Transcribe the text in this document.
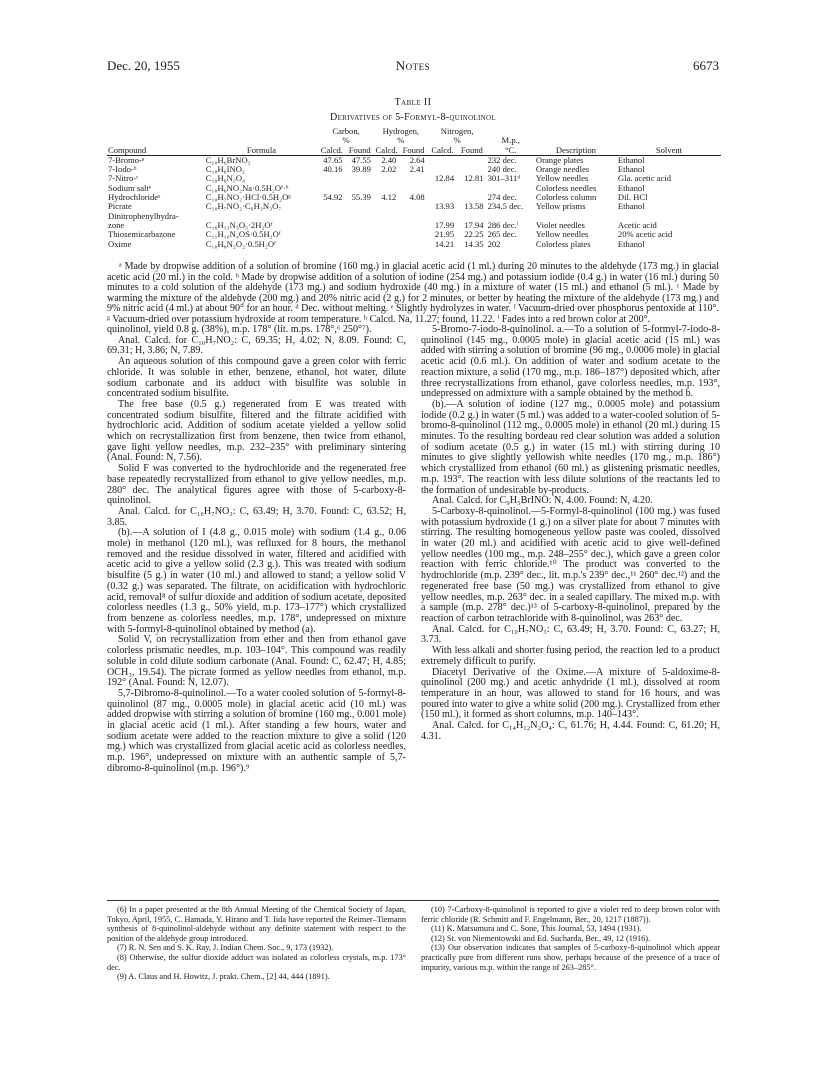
Dec. 20, 1955	Notes	6673
Table II
Derivatives of 5-Formyl-8-quinolinol
		Carbon,		Hydrogen,		Nitrogen,				
		%		%		%		M.p.,		
Compound	Formula	Calcd.	Found	Calcd.	Found	Calcd.	Found	°C.	Description	Solvent
7-Bromo-ᵃ	C₁₀H₆BrNO₂	47.65	47.55	2.40	2.64			232 dec.	Orange plates	Ethanol
7-Iodo-ᵇ	C₁₀H₆INO₂	40.16	39.89	2.02	2.41			240 dec.	Orange needles	Ethanol
7-Nitro-ᶜ	C₁₀H₆N₂O₄					12.84	12.81	301–311ᵈ	Yellow needles	Gla. acetic acid
Sodium saltᵉ	C₁₀H₆NO₂Na·0.5H₂Oᶠ·ʰ								Colorless needles	Ethanol
Hydrochlorideᵉ	C₁₀H₇NO₂·HCl·0.5H₂Oᵍ	54.92	55.39	4.12	4.08			274 dec.	Colorless column	Dil. HCl
Picrate	C₁₀H₇NO₂·C₆H₃N₃O₇					13.93	13.58	234.5 dec.	Yellow prisms	Ethanol
Dinitrophenylhydra-										
zone	C₁₆H₁₁N₅O₅·2H₂Oᶠ					17.99	17.94	286 dec.ⁱ	Violet needles	Acetic acid
Thiosemicarbazone	C₁₁H₁₀N₄OS·0.5H₂Oᶠ					21.95	22.25	265 dec.	Yellow needles	20% acetic acid
Oxime	C₁₀H₈N₂O₂·0.5H₂Oᶠ					14.21	14.35	202	Colorless plates	Ethanol
ᵃ Made by dropwise addition of a solution of bromine (160 mg.) in glacial acetic acid (1 ml.) during 20 minutes to the aldehyde (173 mg.) in glacial acetic acid (20 ml.) in the cold. ᵇ Made by dropwise addition of a solution of iodine (254 mg.) and potassium iodide (0.4 g.) in water (16 ml.) during 50 minutes to a cold solution of the aldehyde (173 mg.) and sodium hydroxide (40 mg.) in a mixture of water (15 ml.) and ethanol (5 ml.). ᶜ Made by warming the mixture of the aldehyde (200 mg.) and 20% nitric acid (2 g.) for 2 minutes, or better by heating the mixture of the aldehyde (173 mg.) and 9% nitric acid (4 ml.) at about 90° for an hour. ᵈ Dec. without melting. ᵉ Slightly hydrolyzes in water. ᶠ Vacuum-dried over phosphorus pentoxide at 110°. ᵍ Vacuum-dried over potassium hydroxide at room temperature. ʰ Calcd. Na, 11.27; found, 11.22. ⁱ Fades into a red brown color at 200°.

quinolinol, yield 0.8 g. (38%), m.p. 178° (lit. m.ps. 178°,⁶ 250°⁷).

Anal. Calcd. for C₁₀H₇NO₂: C, 69.35; H, 4.02; N, 8.09. Found: C, 69.31; H, 3.86; N, 7.89.

An aqueous solution of this compound gave a green color with ferric chloride. It was soluble in ether, benzene, ethanol, hot water, dilute sodium carbonate and its adduct with bisulfite was soluble in concentrated sodium bisulfite.

The free base (0.5 g.) regenerated from E was treated with concentrated sodium bisulfite, filtered and the filtrate acidified with hydrochloric acid. Addition of sodium acetate yielded a yellow solid which on recrystallization first from benzene, then twice from ethanol, gave light yellow needles, m.p. 232–235° with preliminary sintering (Anal. Found: N, 7.56).

Solid F was converted to the hydrochloride and the regenerated free base repeatedly recrystallized from ethanol to give yellow needles, m.p. 280° dec. The analytical figures agree with those of 5-carboxy-8-quinolinol.

Anal. Calcd. for C₁₀H₇NO₃: C, 63.49; H, 3.70. Found: C, 63.52; H, 3.85.

(b).—A solution of I (4.8 g., 0.015 mole) with sodium (1.4 g., 0.06 mole) in methanol (120 ml.), was refluxed for 8 hours, the methanol removed and the residue dissolved in water, filtered and acidified with acetic acid to give a yellow solid (2.3 g.). This was treated with sodium bisulfite (5 g.) in water (10 ml.) and allowed to stand; a yellow solid V (0.32 g.) was separated. The filtrate, on acidification with hydrochloric acid, removal⁸ of sulfur dioxide and addition of sodium acetate, deposited colorless needles (1.3 g., 50% yield, m.p. 173–177°) which crystallized from benzene as colorless needles, m.p. 178°, undepressed on mixture with 5-formyl-8-quinolinol obtained by method (a).

Solid V, on recrystallization from ether and then from ethanol gave colorless prismatic needles, m.p. 103–104°. This compound was readily soluble in cold dilute sodium carbonate (Anal. Found: C, 62.47; H, 4.85; OCH₃, 19.54). The picrate formed as yellow needles from ethanol, m.p. 192° (Anal. Found: N, 12.07).

5,7-Dibromo-8-quinolinol.—To a water cooled solution of 5-formyl-8-quinolinol (87 mg., 0.0005 mole) in glacial acetic acid (10 ml.) was added dropwise with stirring a solution of bromine (160 mg., 0.001 mole) in glacial acetic acid (1 ml.). After standing a few hours, water and sodium acetate were added to the reaction mixture to give a solid (120 mg.) which was crystallized from glacial acetic acid as colorless needles, m.p. 196°, undepressed on mixture with an authentic sample of 5,7-dibromo-8-quinolinol (m.p. 196°).⁹

5-Bromo-7-iodo-8-quinolinol. a.—To a solution of 5-formyl-7-iodo-8-quinolinol (145 mg., 0.0005 mole) in glacial acetic acid (15 ml.) was added with stirring a solution of bromine (96 mg., 0.0006 mole) in glacial acetic acid (0.6 ml.). On addition of water and sodium acetate to the reaction mixture, a solid (170 mg., m.p. 186–187°) deposited which, after three recrystallizations from ethanol, gave colorless needles, m.p. 193°, undepressed on admixture with a sample obtained by the method b.

(b).—A solution of iodine (127 mg., 0.0005 mole) and potassium iodide (0.2 g.) in water (5 ml.) was added to a water-cooled solution of 5-bromo-8-quinolinol (112 mg., 0.0005 mole) in ethanol (20 ml.) during 15 minutes. To the resulting bordeau red clear solution was added a solution of sodium acetate (0.5 g.) in water (15 ml.) with stirring during 10 minutes to give slightly yellowish white needles (170 mg., m.p. 186°) which crystallized from ethanol (60 ml.) as glistening prismatic needles, m.p. 193°. The reaction with less dilute solutions of the reactants led to the formation of undesirable by-products.

Anal. Calcd. for C₉H₅BrINO: N, 4.00. Found: N, 4.20.

5-Carboxy-8-quinolinol.—5-Formyl-8-quinolinol (100 mg.) was fused with potassium hydroxide (1 g.) on a silver plate for about 7 minutes with stirring. The resulting homogeneous yellow paste was cooled, dissolved in water (20 ml.) and acidified with acetic acid to give well-defined yellow needles (100 mg., m.p. 248–255° dec.), which gave a green color reaction with ferric chloride.¹⁰ The product was converted to the hydrochloride (m.p. 239° dec., lit. m.p.'s 239° dec.,¹¹ 260° dec.¹²) and the regenerated free base (50 mg.) was crystallized from ethanol to give yellow needles, m.p. 263° dec. in a sealed capillary. The mixed m.p. with a sample (m.p. 278° dec.)¹³ of 5-carboxy-8-quinolinol, prepared by the reaction of carbon tetrachloride with 8-quinolinol, was 263° dec.

Anal. Calcd. for C₁₀H₇NO₃: C, 63.49; H, 3.70. Found: C, 63.27; H, 3.73.

With less alkali and shorter fusing period, the reaction led to a product extremely difficult to purify.

Diacetyl Derivative of the Oxime.—A mixture of 5-aldoxime-8-quinolinol (200 mg.) and acetic anhydride (1 ml.), dissolved at room temperature in an hour, was allowed to stand for 16 hours, and was poured into water to give a white solid (200 mg.). Crystallized from ether (150 ml.), it formed as short columns, m.p. 140–143°.

Anal. Calcd. for C₁₄H₁₂N₂O₄: C, 61.76; H, 4.44. Found: C, 61.20; H, 4.31.

(6) In a paper presented at the 8th Annual Meeting of the Chemical Society of Japan, Tokyo, April, 1955, C. Hamada, Y. Hirano and T. Iida have reported the Reimer–Tiemann synthesis of 8-quinolinol-aldehyde without any definite statement with respect to the position of the aldehyde group introduced.

(7) R. N. Sen and S. K. Ray, J. Indian Chem. Soc., 9, 173 (1932).

(8) Otherwise, the sulfur dioxide adduct was isolated as colorless crystals, m.p. 173° dec.

(9) A. Claus and H. Howitz, J. prakt. Chem., [2] 44, 444 (1891).

(10) 7-Carboxy-8-quinolinol is reported to give a violet red to deep brown color with ferric chloride (R. Schmitt and F. Engelmann, Ber., 20, 1217 (1887)).

(11) K. Matsumura and C. Sone, This Journal, 53, 1494 (1931).

(12) St. von Niementowski and Ed. Sucharda, Ber., 49, 12 (1916).

(13) Our observation indicates that samples of 5-carboxy-8-quinolinol which appear practically pure from different runs show, perhaps because of the presence of a trace of impurity, various m.p. within the range of 263–285°.
